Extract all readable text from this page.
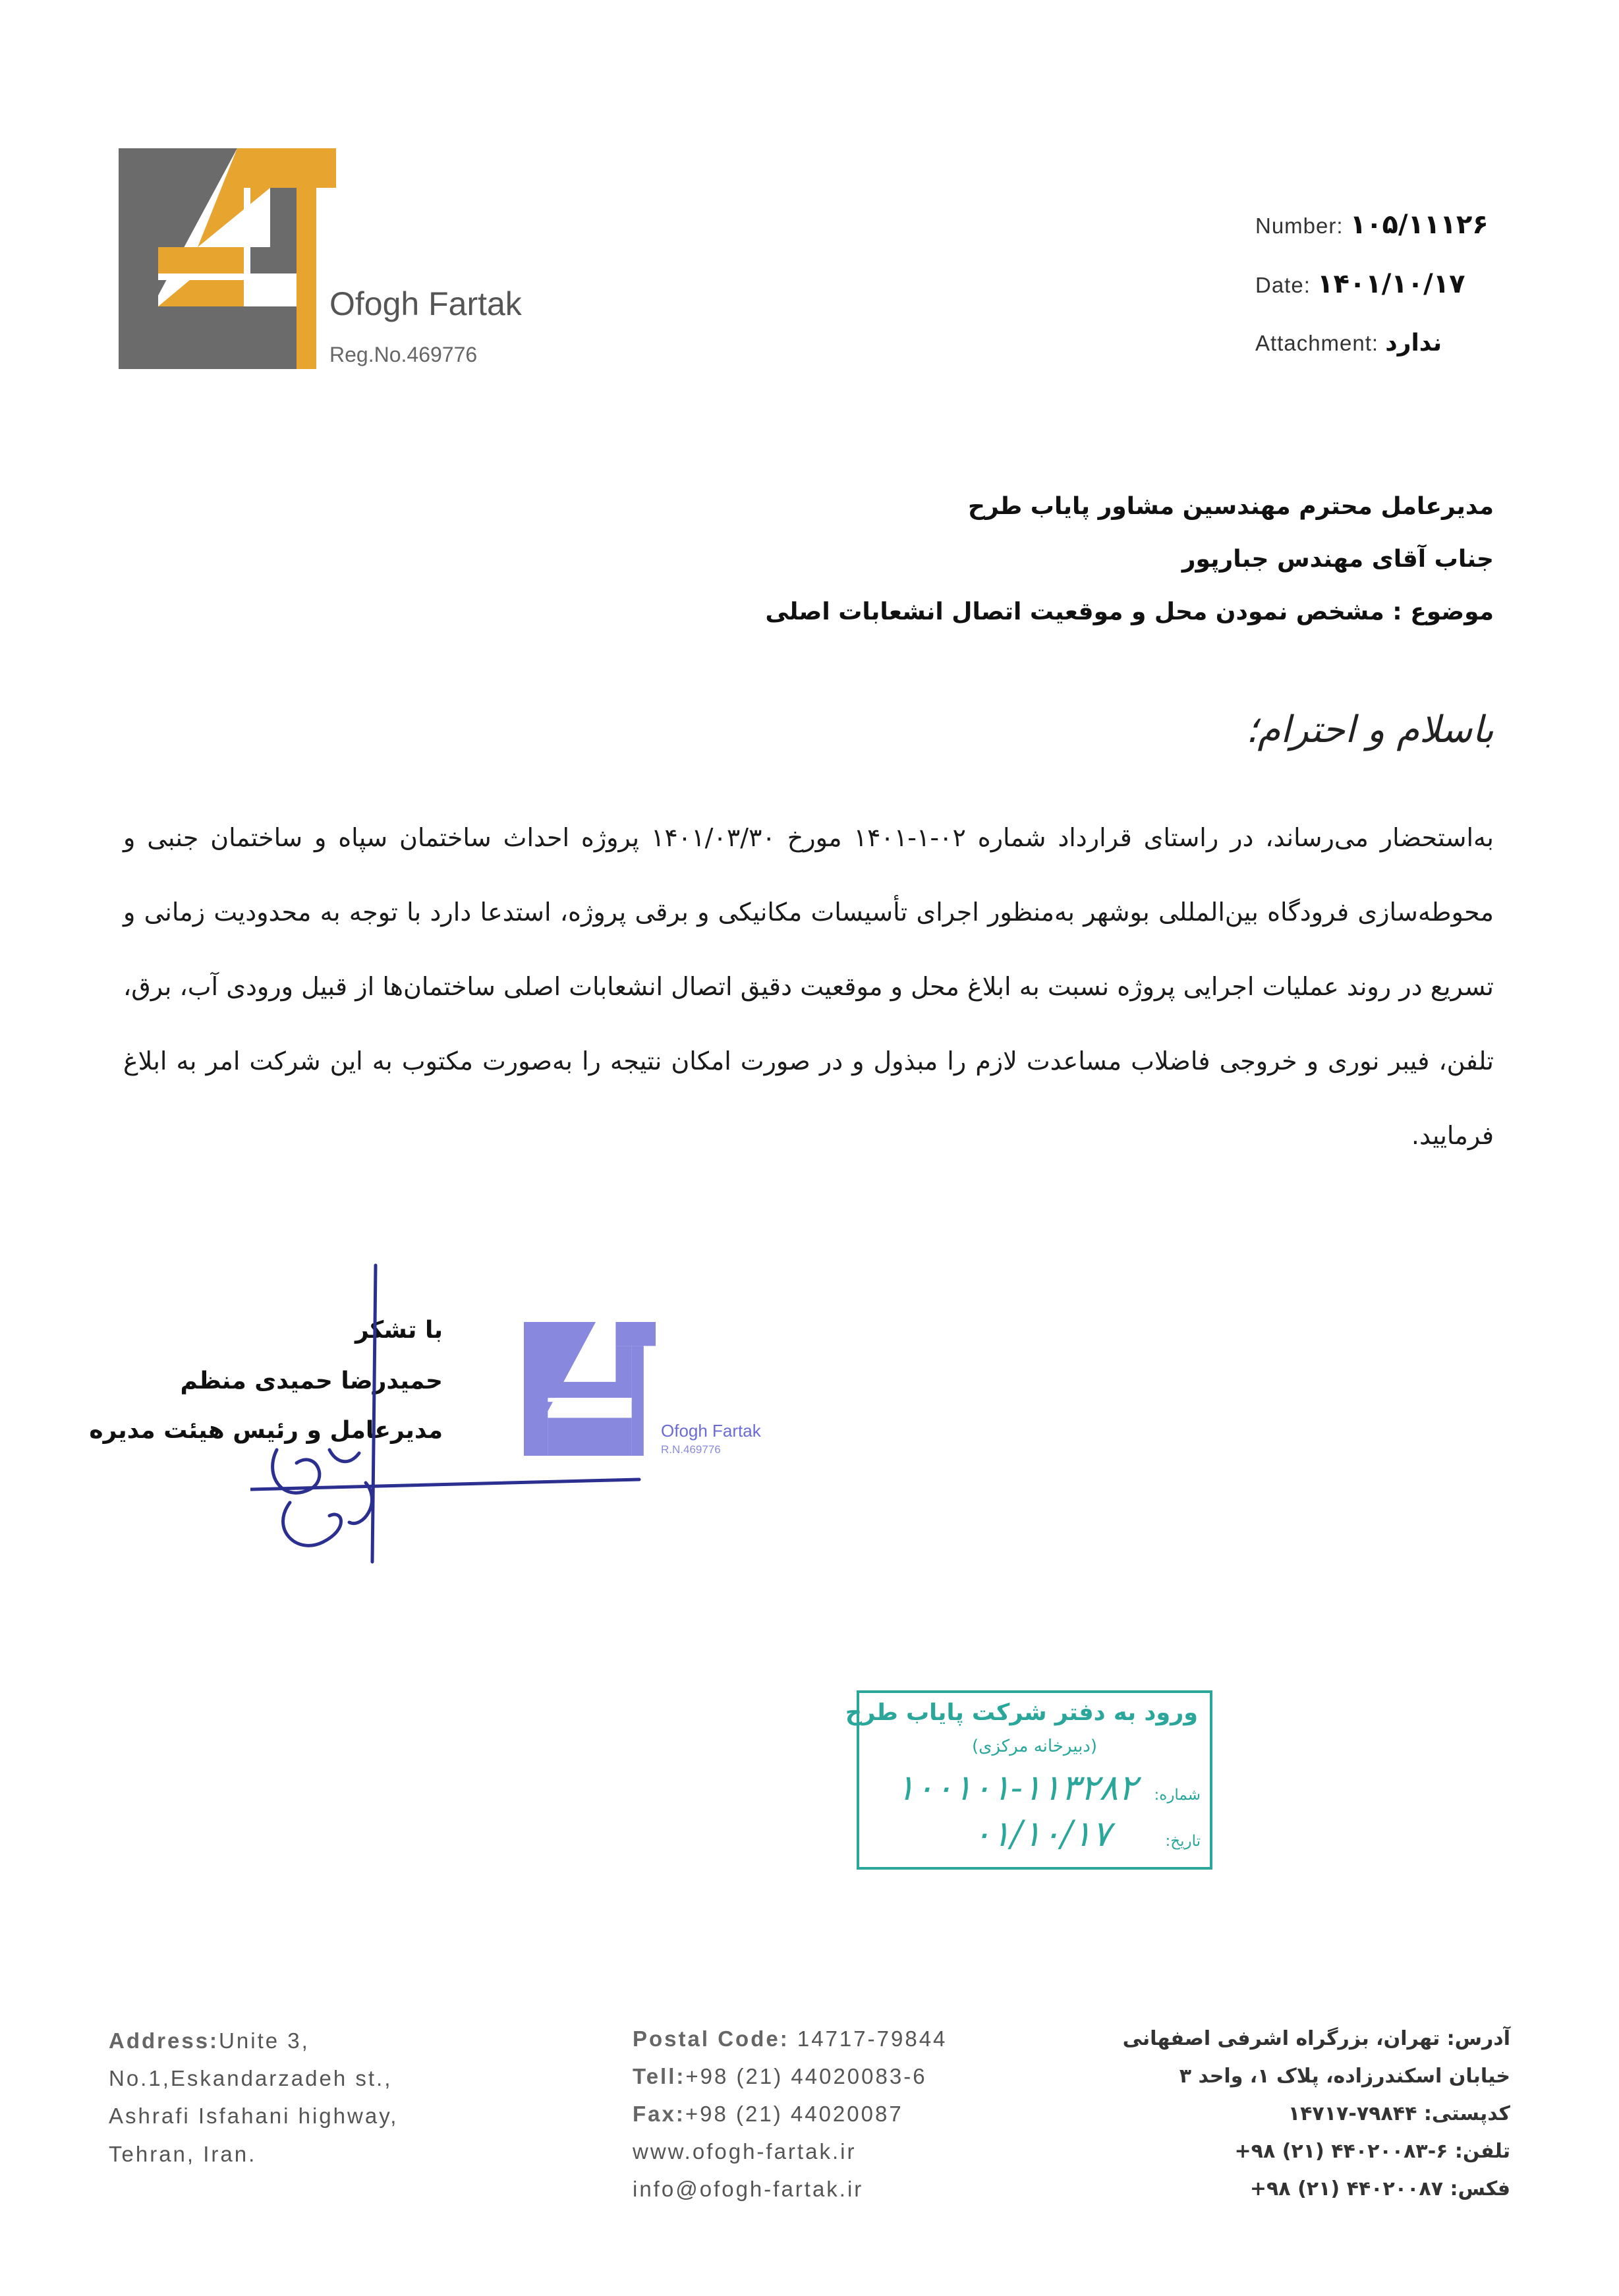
Ofogh Fartak
Reg.No.469776
Number: ۱۰۵/۱۱۱۲۶
Date: ۱۴۰۱/۱۰/۱۷
Attachment: ندارد
مدیرعامل محترم مهندسین مشاور پایاب طرح
جناب آقای مهندس جبارپور
موضوع : مشخص نمودن محل و موقعیت اتصال انشعابات اصلی
باسلام و احترام؛
به‌استحضار می‌رساند، در راستای قرارداد شماره ۰۲-۱-۱۴۰۱ مورخ ۱۴۰۱/۰۳/۳۰ پروژه احداث ساختمان سپاه و ساختمان جنبی و محوطه‌سازی فرودگاه بین‌المللی بوشهر به‌منظور اجرای تأسیسات مکانیکی و برقی پروژه، استدعا دارد با توجه به محدودیت زمانی و تسریع در روند عملیات اجرایی پروژه نسبت به ابلاغ محل و موقعیت دقیق اتصال انشعابات اصلی ساختمان‌ها از قبیل ورودی آب، برق، تلفن، فیبر نوری و خروجی فاضلاب مساعدت لازم را مبذول و در صورت امکان نتیجه را به‌صورت مکتوب به این شرکت امر به ابلاغ فرمایید.
با تشکر
حمیدرضا حمیدی منظم
مدیرعامل و رئیس هیئت مدیره	Ofogh Fartak
R.N.469776
ورود به دفتر شرکت پایاب طرح
(دبیرخانه مرکزی)
شماره:
۱۰۰۱۰۱-۱۱۳۲۸۲
تاریخ:
۰۱/۱۰/۱۷
Address:Unite 3,
No.1,Eskandarzadeh st.,
Ashrafi Isfahani highway,
Tehran, Iran.
Postal Code: 14717-79844
Tell:+98 (21) 44020083-6
Fax:+98 (21) 44020087
www.ofogh-fartak.ir
info@ofogh-fartak.ir
آدرس: تهران، بزرگراه اشرفی اصفهانی
خیابان اسکندرزاده، پلاک ۱، واحد ۳
کدپستی: ۷۹۸۴۴-۱۴۷۱۷
تلفن: ۶-۴۴۰۲۰۰۸۳ (۲۱) ۹۸+
فکس: ۴۴۰۲۰۰۸۷ (۲۱) ۹۸+
